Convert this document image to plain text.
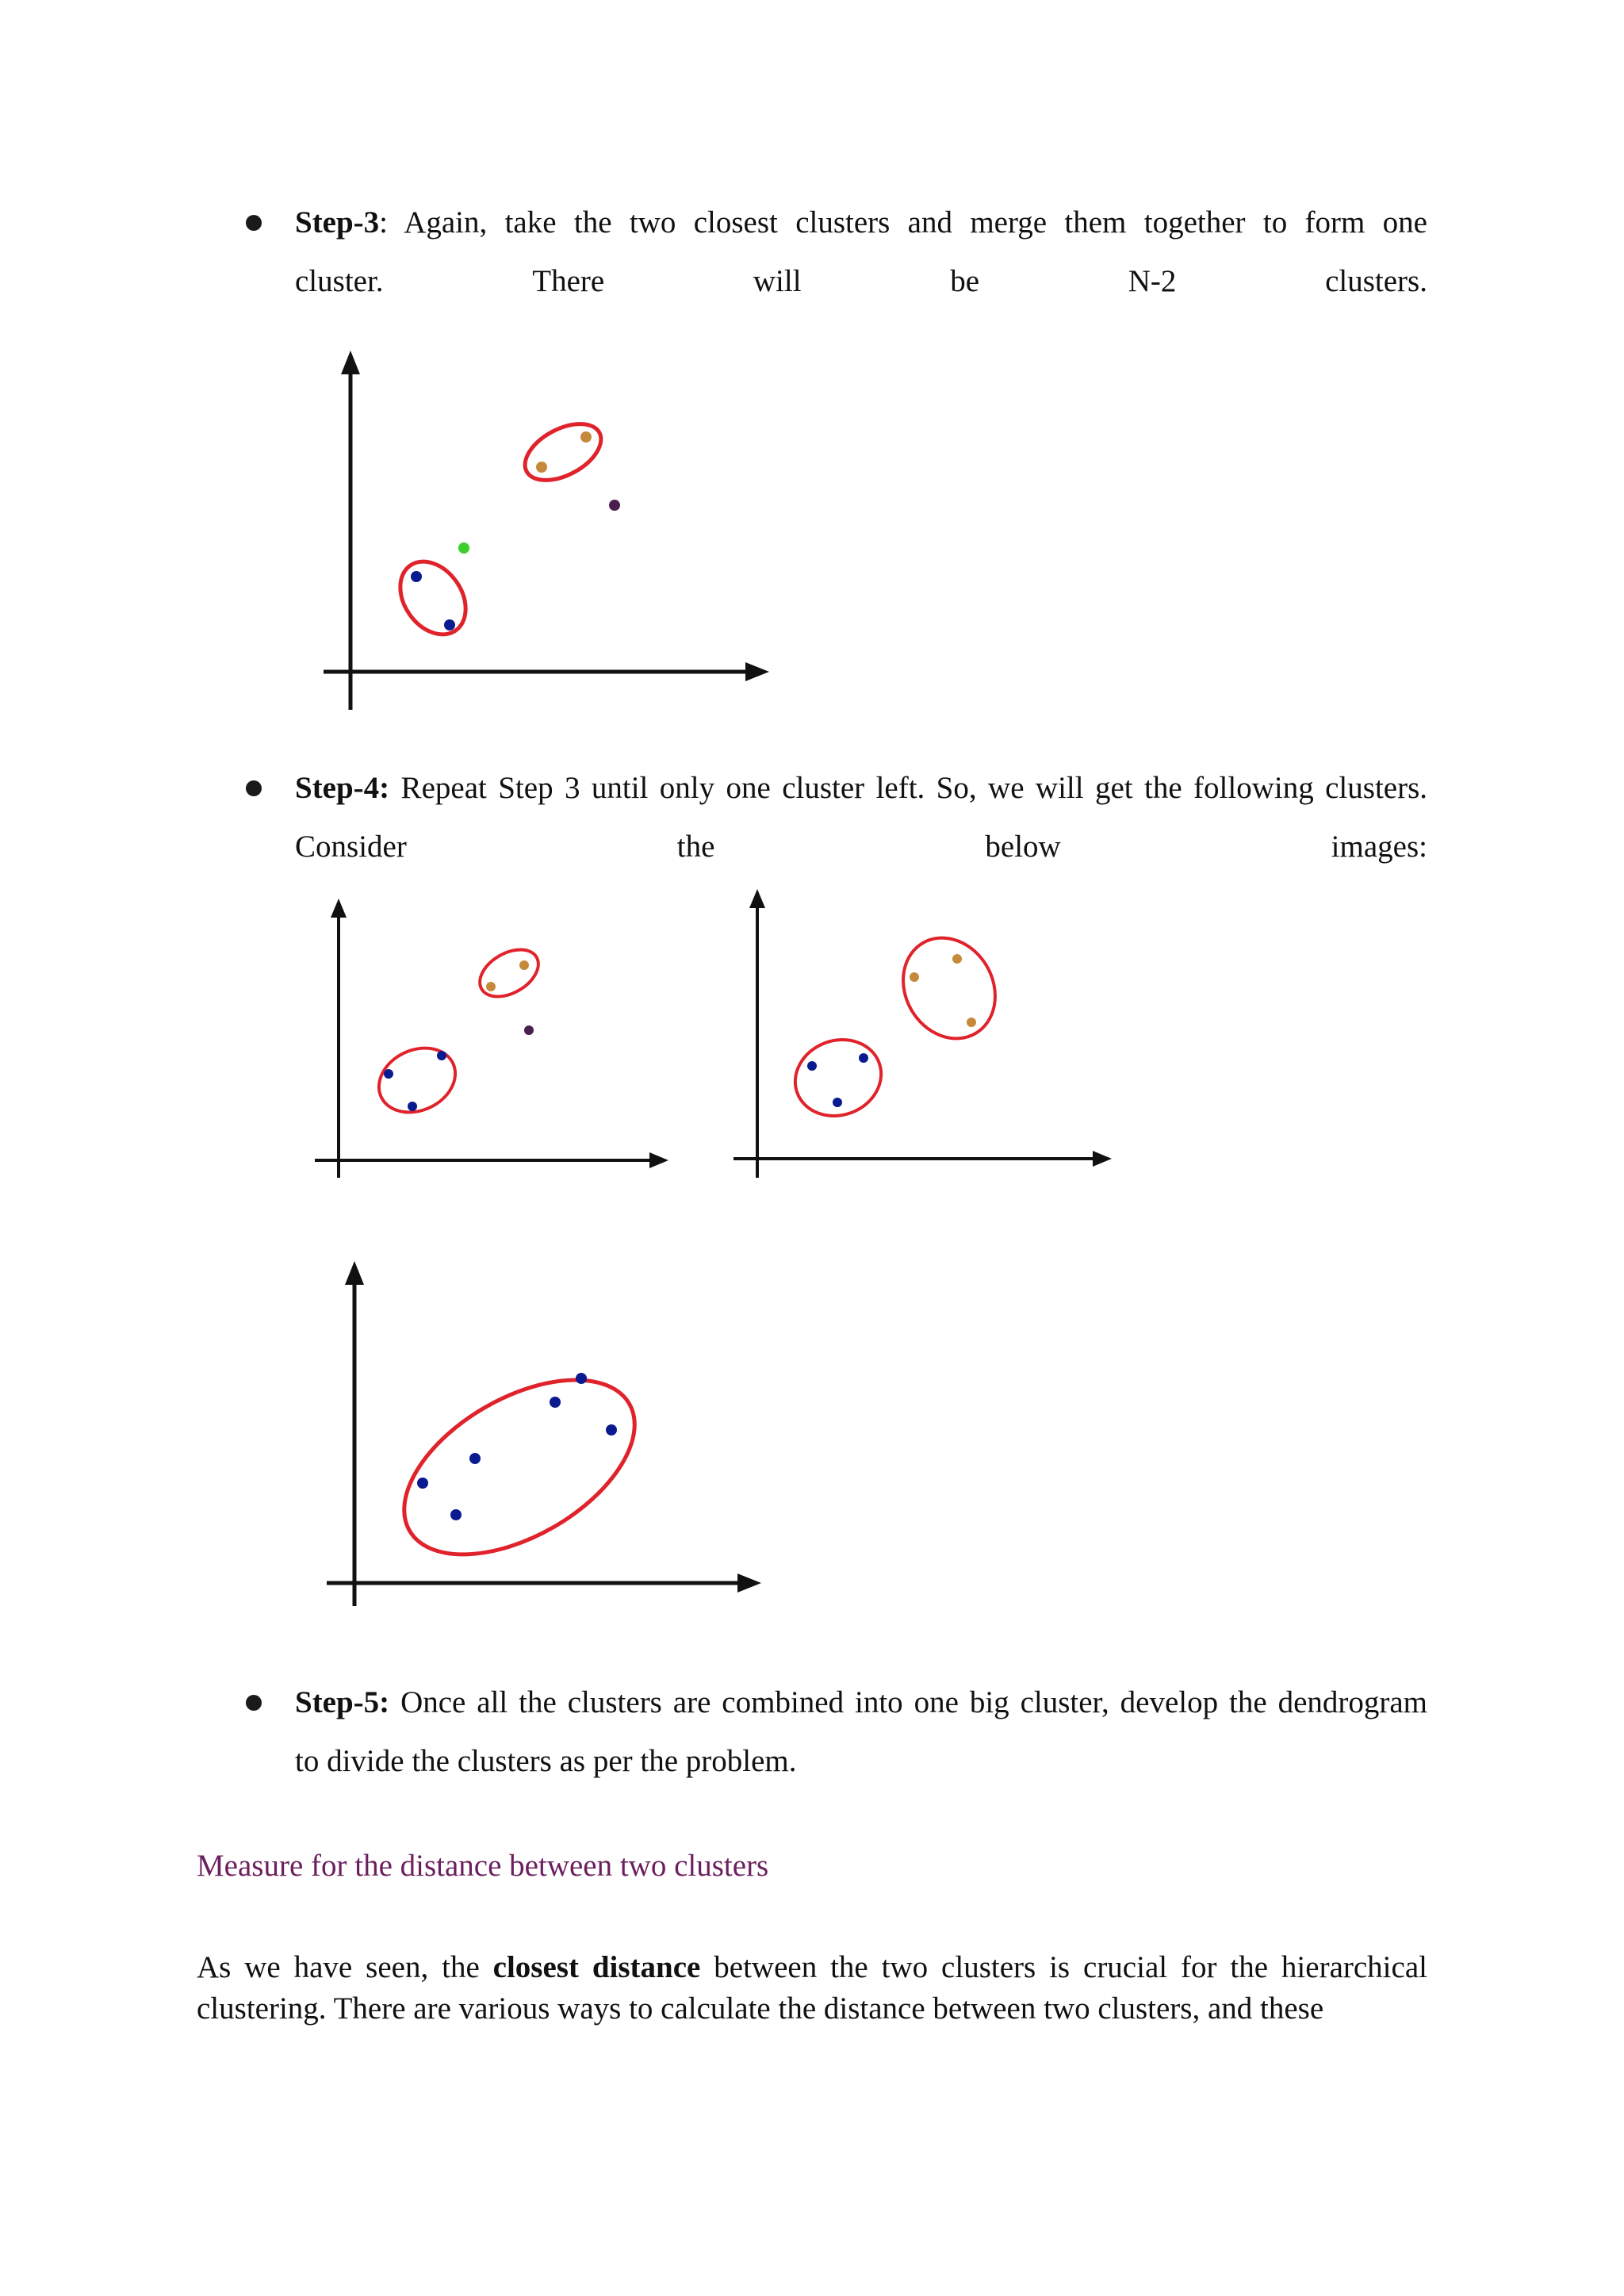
Step-3: Again, take the two closest clusters and merge them together to form one
cluster.	There	will	be	N-2	clusters.
Step-4: Repeat Step 3 until only one cluster left. So, we will get the following clusters.
Consider	the	below	images:
Step-5: Once all the clusters are combined into one big cluster, develop the dendrogram
to divide the clusters as per the problem.
Measure for the distance between two clusters
As we have seen, the closest distance between the two clusters is crucial for the hierarchical clustering. There are various ways to calculate the distance between two clusters, and these
